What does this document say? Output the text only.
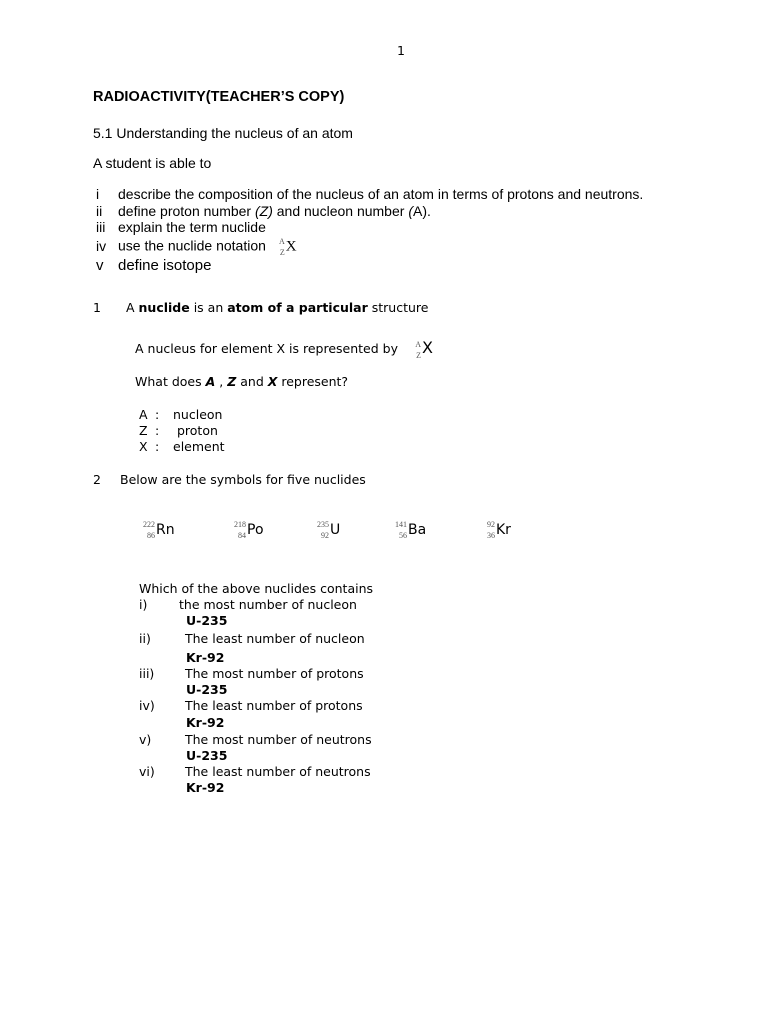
1
RADIOACTIVITY(TEACHER’S COPY)
5.1 Understanding the nucleus of an atom
A student is able to
i describe the composition of the nucleus of an atom in terms of protons and neutrons.
ii define proton number (Z) and nucleon number (A).
iii explain the term nuclide
iv use the nuclide notation A
Z X
v define isotope
1 A nuclide is an atom of a particular structure
A nucleus for element X is represented by A
Z X
What does A , Z and X represent?
A : nucleon
Z : proton
X : element
2 Below are the symbols for five nuclides
222
86 Rn	218
84 Po	235
92 U	141
56 Ba	92
36 Kr
Which of the above nuclides contains
i)	the most number of nucleon
U-235
ii)	The least number of nucleon
Kr-92
iii) The most number of protons
U-235
iv) The least number of protons
Kr-92
v)	The most number of neutrons
U-235
vi) The least number of neutrons
Kr-92
